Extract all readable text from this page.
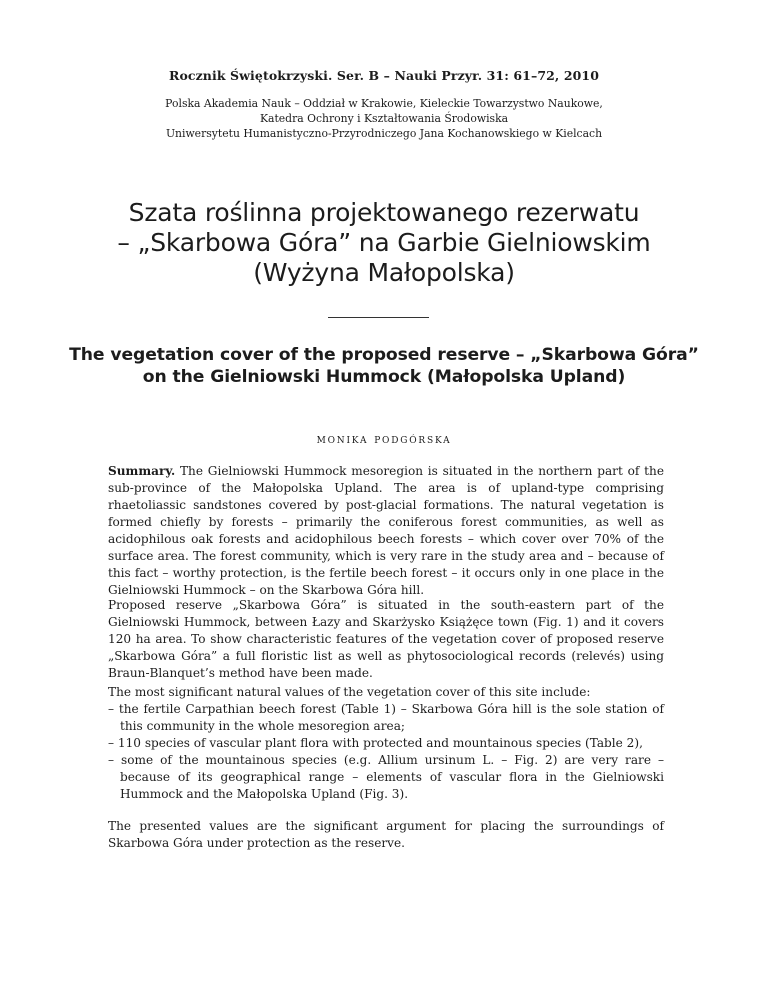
Rocznik Świętokrzyski. Ser. B – Nauki Przyr. 31: 61–72, 2010
Polska Akademia Nauk – Oddział w Krakowie, Kieleckie Towarzystwo Naukowe,
Katedra Ochrony i Kształtowania Środowiska
Uniwersytetu Humanistyczno-Przyrodniczego Jana Kochanowskiego w Kielcach
Szata roślinna projektowanego rezerwatu
– „Skarbowa Góra” na Garbie Gielniowskim
(Wyżyna Małopolska)
The vegetation cover of the proposed reserve – „Skarbowa Góra”
on the Gielniowski Hummock (Małopolska Upland)
monika podgórska

Summary. The Gielniowski Hummock mesoregion is situated in the northern part of the sub-province of the Małopolska Upland. The area is of upland-type comprising rhaetoliassic sandstones covered by post-glacial formations. The natural vegetation is formed chiefly by forests – primarily the coniferous forest communities, as well as acidophilous oak forests and acidophilous beech forests – which cover over 70% of the surface area. The forest community, which is very rare in the study area and – because of this fact – worthy protection, is the fertile beech forest – it occurs only in one place in the Gielniowski Hummock – on the Skarbowa Góra hill.

Proposed reserve „Skarbowa Góra” is situated in the south-eastern part of the Gielniowski Hummock, between Łazy and Skarżysko Książęce town (Fig. 1) and it covers 120 ha area. To show characteristic features of the vegetation cover of proposed reserve „Skarbowa Góra” a full floristic list as well as phytosociological records (relevés) using Braun-Blanquet’s method have been made.

The most significant natural values of the vegetation cover of this site include:
– the fertile Carpathian beech forest (Table 1) – Skarbowa Góra hill is the sole station of this community in the whole mesoregion area;
– 110 species of vascular plant flora with protected and mountainous species (Table 2),
– some of the mountainous species (e.g. Allium ursinum L. – Fig. 2) are very rare – because of its geographical range – elements of vascular flora in the Gielniowski Hummock and the Małopolska Upland (Fig. 3).

The presented values are the significant argument for placing the surroundings of Skarbowa Góra under protection as the reserve.
